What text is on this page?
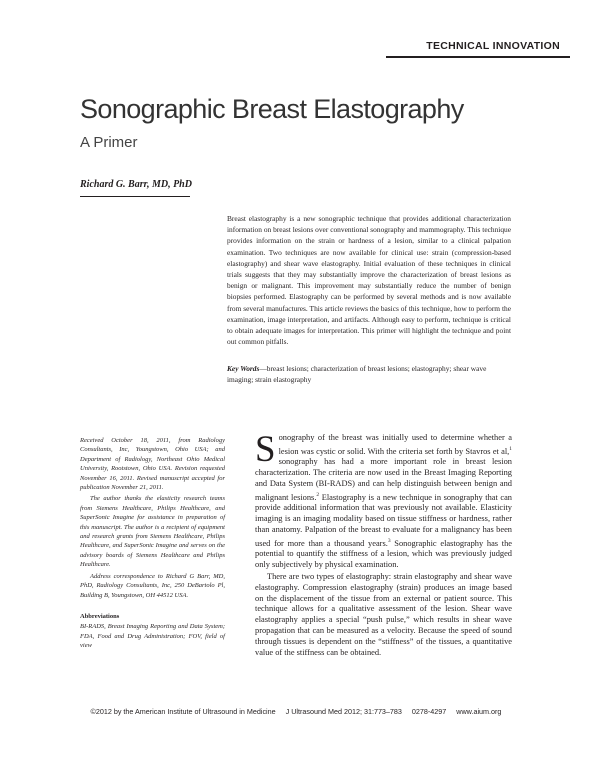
TECHNICAL INNOVATION
Sonographic Breast Elastography
A Primer
Richard G. Barr, MD, PhD

Breast elastography is a new sonographic technique that provides additional characterization information on breast lesions over conventional sonography and mammography. This technique provides information on the strain or hardness of a lesion, similar to a clinical palpation examination. Two techniques are now available for clinical use: strain (compression-based elastography) and shear wave elastography. Initial evaluation of these techniques in clinical trials suggests that they may substantially improve the characterization of breast lesions as benign or malignant. This improvement may substantially reduce the number of benign biopsies performed. Elastography can be performed by several methods and is now available from several manufactures. This article reviews the basics of this technique, how to perform the examination, image interpretation, and artifacts. Although easy to perform, technique is critical to obtain adequate images for interpretation. This primer will highlight the technique and point out common pitfalls.

Key Words—breast lesions; characterization of breast lesions; elastography; shear wave imaging; strain elastography

Received October 18, 2011, from Radiology Consultants, Inc, Youngstown, Ohio USA; and Department of Radiology, Northeast Ohio Medical University, Rootstown, Ohio USA. Revision requested November 16, 2011. Revised manuscript accepted for publication November 21, 2011.

The author thanks the elasticity research teams from Siemens Healthcare, Philips Healthcare, and SuperSonic Imagine for assistance in preparation of this manuscript. The author is a recipient of equipment and research grants from Siemens Healthcare, Philips Healthcare, and SuperSonic Imagine and serves on the advisory boards of Siemens Healthcare and Philips Healthcare.

Address correspondence to Richard G Barr, MD, PhD, Radiology Consultants, Inc, 250 DeBartolo Pl, Building B, Youngstown, OH 44512 USA.

Abbreviations
BI-RADS, Breast Imaging Reporting and Data System; FDA, Food and Drug Administration; FOV, field of view

Sonography of the breast was initially used to determine whether a lesion was cystic or solid. With the criteria set forth by Stavros et al,$^1$ sonography has had a more important role in breast lesion characterization. The criteria are now used in the Breast Imaging Reporting and Data System (BI-RADS) and can help distinguish between benign and malignant lesions.$^2$ Elastography is a new technique in sonography that can provide additional information that was previously not available. Elasticity imaging is an imaging modality based on tissue stiffness or hardness, rather than anatomy. Palpation of the breast to evaluate for a malignancy has been used for more than a thousand years.$^3$ Sonographic elastography has the potential to quantify the stiffness of a lesion, which was previously judged only subjectively by physical examination.

There are two types of elastography: strain elastography and shear wave elastography. Compression elastography (strain) produces an image based on the displacement of the tissue from an external or patient source. This technique allows for a qualitative assessment of the lesion. Shear wave elastography applies a special “push pulse,” which results in shear wave propagation that can be measured as a velocity. Because the speed of sound through tissues is dependent on the “stiffness” of the tissues, a quantitative value of the stiffness can be obtained.

©2012 by the American Institute of Ultrasound in Medicine J Ultrasound Med 2012; 31:773–783 0278-4297 www.aium.org
